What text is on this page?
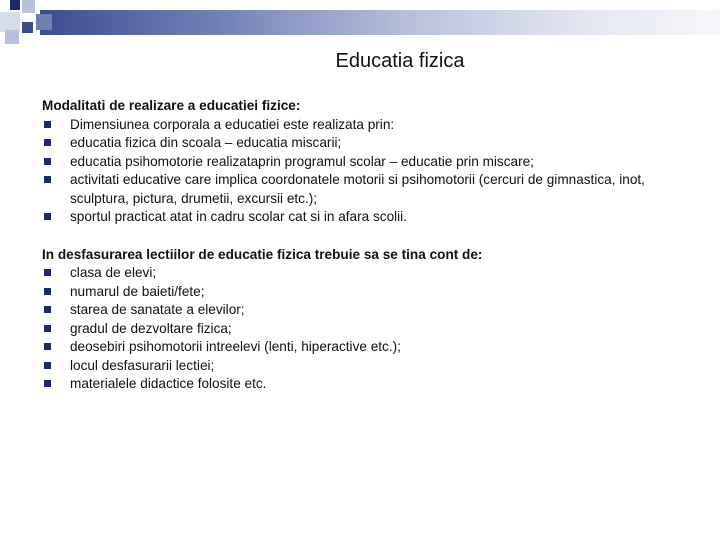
Educatia fizica

Modalitati de realizare a educatiei fizice:

Dimensiunea corporala a educatiei este realizata prin:
educatia fizica din scoala – educatia miscarii;
educatia psihomotorie realizataprin programul scolar – educatie prin miscare;
activitati educative care implica coordonatele motorii si psihomotorii (cercuri de gimnastica, inot, sculptura, pictura, drumetii, excursii etc.);
sportul practicat atat in cadru scolar cat si in afara scolii.

In desfasurarea lectiilor de educatie fizica trebuie sa se tina cont de:

clasa de elevi;
numarul de baieti/fete;
starea de sanatate a elevilor;
gradul de dezvoltare fizica;
deosebiri psihomotorii intreelevi (lenti, hiperactive etc.);
locul desfasurarii lectiei;
materialele didactice folosite etc.
